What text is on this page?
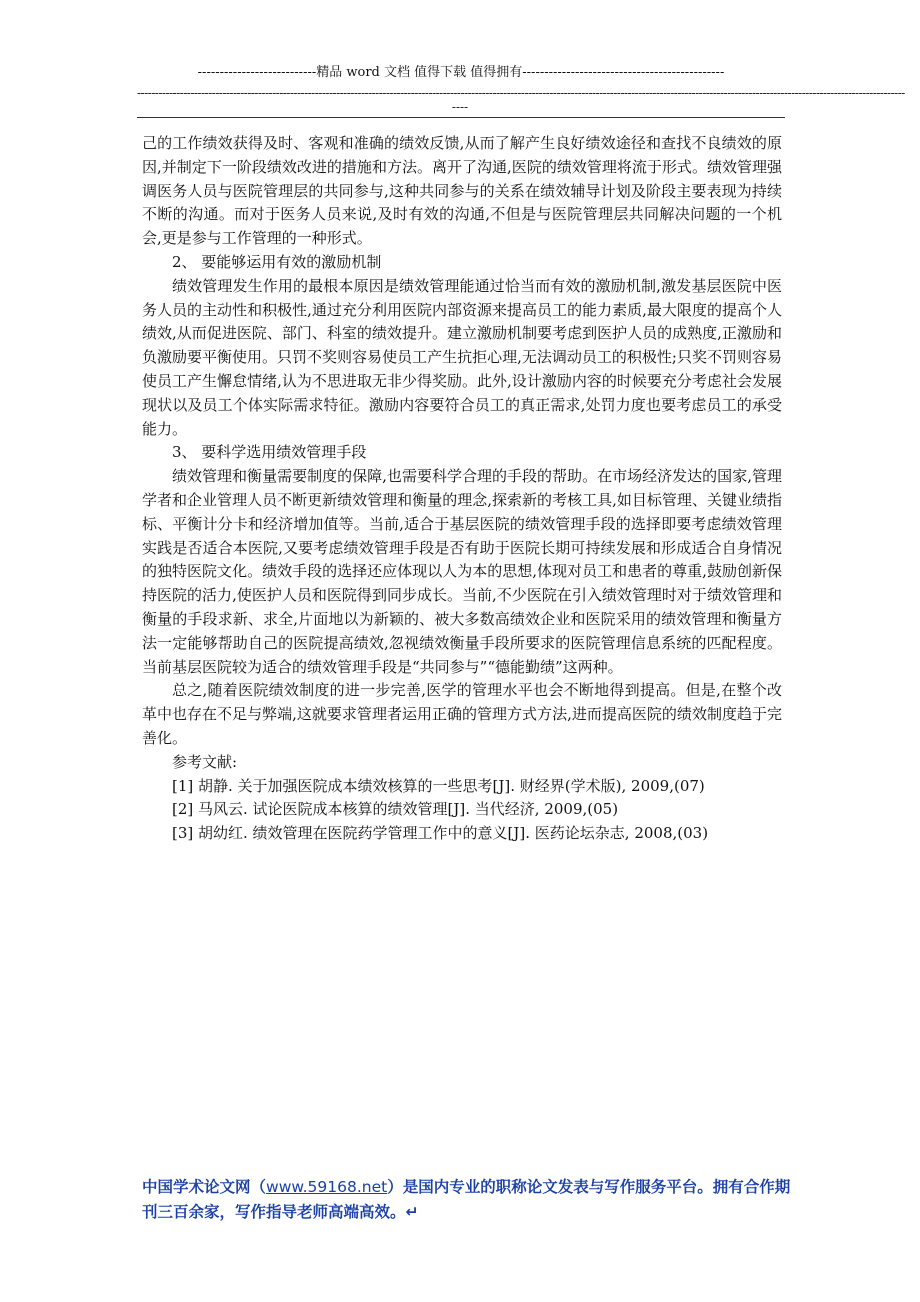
---------------------------精品 word 文档 值得下载 值得拥有----------------------------------------------
------------------------------------------------------------------------------------------------------------------------------------------------------------------------------------------------------------------------
----

己的工作绩效获得及时、客观和准确的绩效反馈,从而了解产生良好绩效途径和查找不良绩效的原因,并制定下一阶段绩效改进的措施和方法。离开了沟通,医院的绩效管理将流于形式。绩效管理强调医务人员与医院管理层的共同参与,这种共同参与的关系在绩效辅导计划及阶段主要表现为持续不断的沟通。而对于医务人员来说,及时有效的沟通,不但是与医院管理层共同解决问题的一个机会,更是参与工作管理的一种形式。

2、 要能够运用有效的激励机制

绩效管理发生作用的最根本原因是绩效管理能通过恰当而有效的激励机制,激发基层医院中医务人员的主动性和积极性,通过充分利用医院内部资源来提高员工的能力素质,最大限度的提高个人绩效,从而促进医院、部门、科室的绩效提升。建立激励机制要考虑到医护人员的成熟度,正激励和负激励要平衡使用。只罚不奖则容易使员工产生抗拒心理,无法调动员工的积极性;只奖不罚则容易使员工产生懈怠情绪,认为不思进取无非少得奖励。此外,设计激励内容的时候要充分考虑社会发展现状以及员工个体实际需求特征。激励内容要符合员工的真正需求,处罚力度也要考虑员工的承受能力。

3、 要科学选用绩效管理手段

绩效管理和衡量需要制度的保障,也需要科学合理的手段的帮助。在市场经济发达的国家,管理学者和企业管理人员不断更新绩效管理和衡量的理念,探索新的考核工具,如目标管理、关键业绩指标、平衡计分卡和经济增加值等。当前,适合于基层医院的绩效管理手段的选择即要考虑绩效管理实践是否适合本医院,又要考虑绩效管理手段是否有助于医院长期可持续发展和形成适合自身情况的独特医院文化。绩效手段的选择还应体现以人为本的思想,体现对员工和患者的尊重,鼓励创新保持医院的活力,使医护人员和医院得到同步成长。当前,不少医院在引入绩效管理时对于绩效管理和衡量的手段求新、求全,片面地以为新颖的、被大多数高绩效企业和医院采用的绩效管理和衡量方法一定能够帮助自己的医院提高绩效,忽视绩效衡量手段所要求的医院管理信息系统的匹配程度。当前基层医院较为适合的绩效管理手段是“共同参与”“德能勤绩”这两种。

总之,随着医院绩效制度的进一步完善,医学的管理水平也会不断地得到提高。但是,在整个改革中也存在不足与弊端,这就要求管理者运用正确的管理方式方法,进而提高医院的绩效制度趋于完善化。

参考文献:

[1] 胡静. 关于加强医院成本绩效核算的一些思考[J]. 财经界(学术版), 2009,(07)

[2] 马风云. 试论医院成本核算的绩效管理[J]. 当代经济, 2009,(05)

[3] 胡幼红. 绩效管理在医院药学管理工作中的意义[J]. 医药论坛杂志, 2008,(03)

中国学术论文网（www.59168.net）是国内专业的职称论文发表与写作服务平台。拥有合作期刊三百余家，写作指导老师高端高效。↵
